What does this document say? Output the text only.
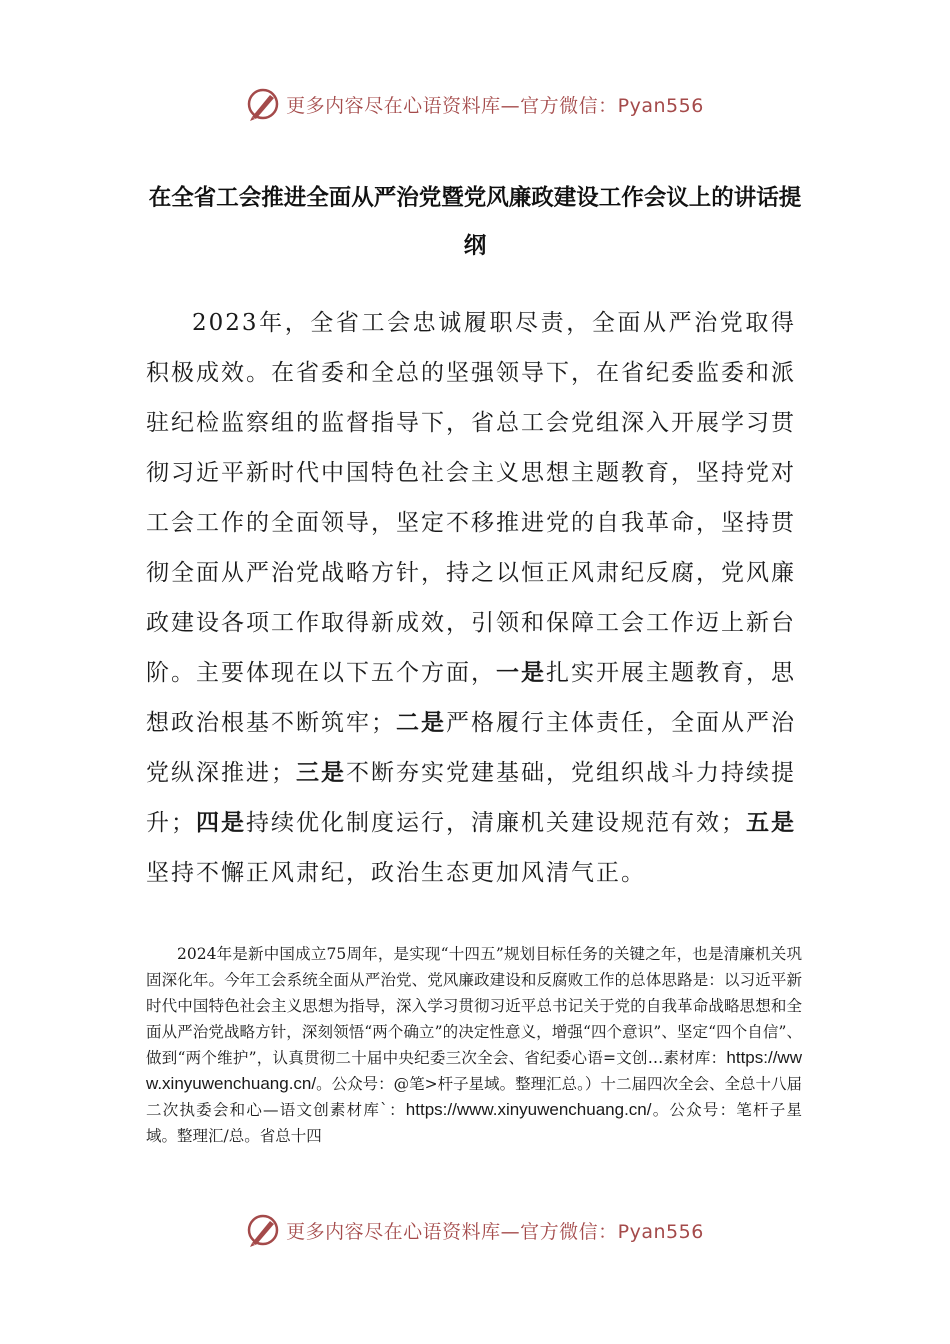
更多内容尽在心语资料库—官方微信：Pyan556
在全省工会推进全面从严治党暨党风廉政建设工作会议上的讲话提纲

2023年，全省工会忠诚履职尽责，全面从严治党取得积极成效。在省委和全总的坚强领导下，在省纪委监委和派驻纪检监察组的监督指导下，省总工会党组深入开展学习贯彻习近平新时代中国特色社会主义思想主题教育，坚持党对工会工作的全面领导，坚定不移推进党的自我革命，坚持贯彻全面从严治党战略方针，持之以恒正风肃纪反腐，党风廉政建设各项工作取得新成效，引领和保障工会工作迈上新台阶。主要体现在以下五个方面，一是扎实开展主题教育，思想政治根基不断筑牢；二是严格履行主体责任，全面从严治党纵深推进；三是不断夯实党建基础，党组织战斗力持续提升；四是持续优化制度运行，清廉机关建设规范有效；五是坚持不懈正风肃纪，政治生态更加风清气正。

2024年是新中国成立75周年，是实现“十四五”规划目标任务的关键之年，也是清廉机关巩固深化年。今年工会系统全面从严治党、党风廉政建设和反腐败工作的总体思路是：以习近平新时代中国特色社会主义思想为指导，深入学习贯彻习近平总书记关于党的自我革命战略思想和全面从严治党战略方针，深刻领悟“两个确立”的决定性意义，增强“四个意识”、坚定“四个自信”、做到“两个维护”，认真贯彻二十届中央纪委三次全会、省纪委心语=文创…素材库：https://www.xinyuwenchuang.cn/。公众号：@笔>杆子星域。整理汇总。）十二届四次全会、全总十八届二次执委会和心—语文创素材库`：https://www.xinyuwenchuang.cn/。公众号：笔杆子星域。整理汇/总。省总十四

更多内容尽在心语资料库—官方微信：Pyan556
